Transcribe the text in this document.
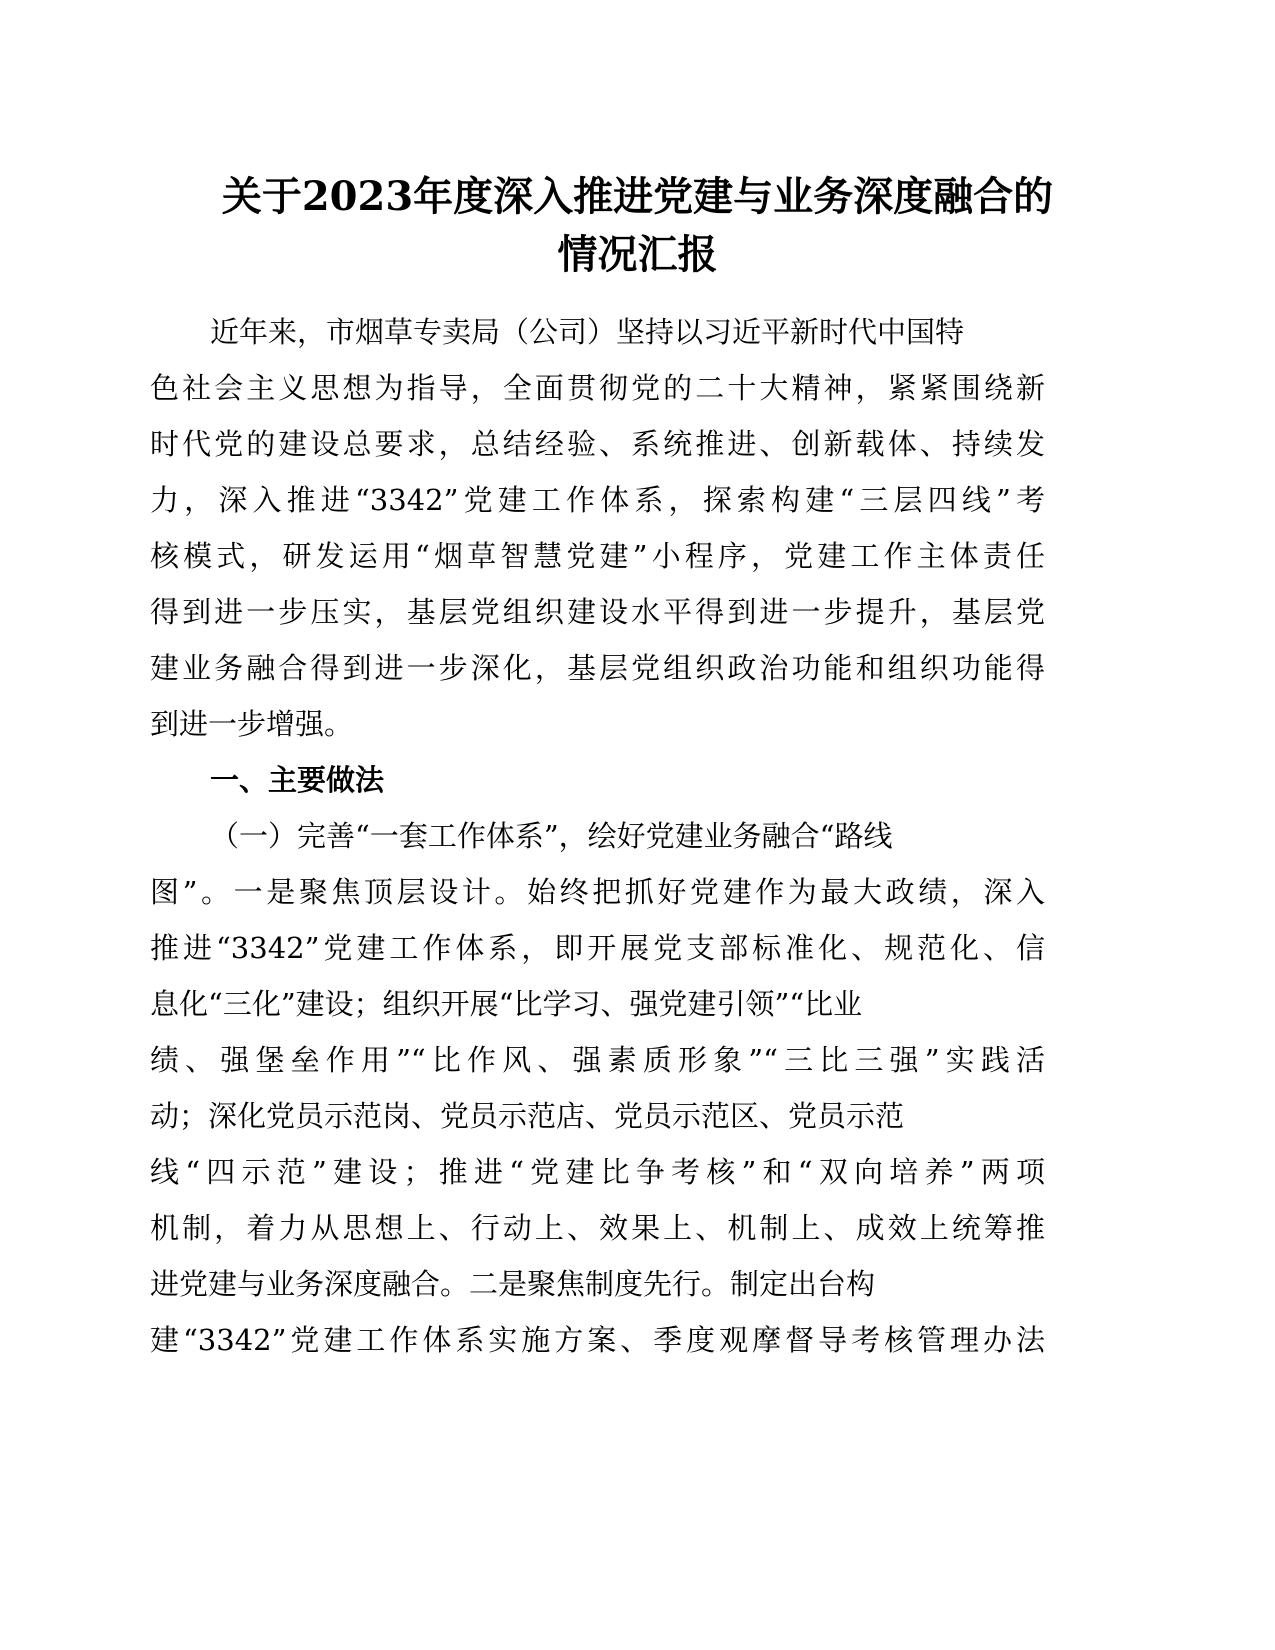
关于2023年度深入推进党建与业务深度融合的
情况汇报
近年来，市烟草专卖局（公司）坚持以习近平新时代中国特
色社会主义思想为指导，全面贯彻党的二十大精神，紧紧围绕新
时代党的建设总要求，总结经验、系统推进、创新载体、持续发
力，深入推进“3342”党建工作体系，探索构建“三层四线”考
核模式，研发运用“烟草智慧党建”小程序，党建工作主体责任
得到进一步压实，基层党组织建设水平得到进一步提升，基层党
建业务融合得到进一步深化，基层党组织政治功能和组织功能得
到进一步增强。
一、主要做法
（一）完善“一套工作体系”，绘好党建业务融合“路线
图”。一是聚焦顶层设计。始终把抓好党建作为最大政绩，深入
推进“3342”党建工作体系，即开展党支部标准化、规范化、信
息化“三化”建设；组织开展“比学习、强党建引领”“比业
绩、强堡垒作用”“比作风、强素质形象”“三比三强”实践活
动；深化党员示范岗、党员示范店、党员示范区、党员示范
线“四示范”建设；推进“党建比争考核”和“双向培养”两项
机制，着力从思想上、行动上、效果上、机制上、成效上统筹推
进党建与业务深度融合。二是聚焦制度先行。制定出台构
建“3342”党建工作体系实施方案、季度观摩督导考核管理办法
